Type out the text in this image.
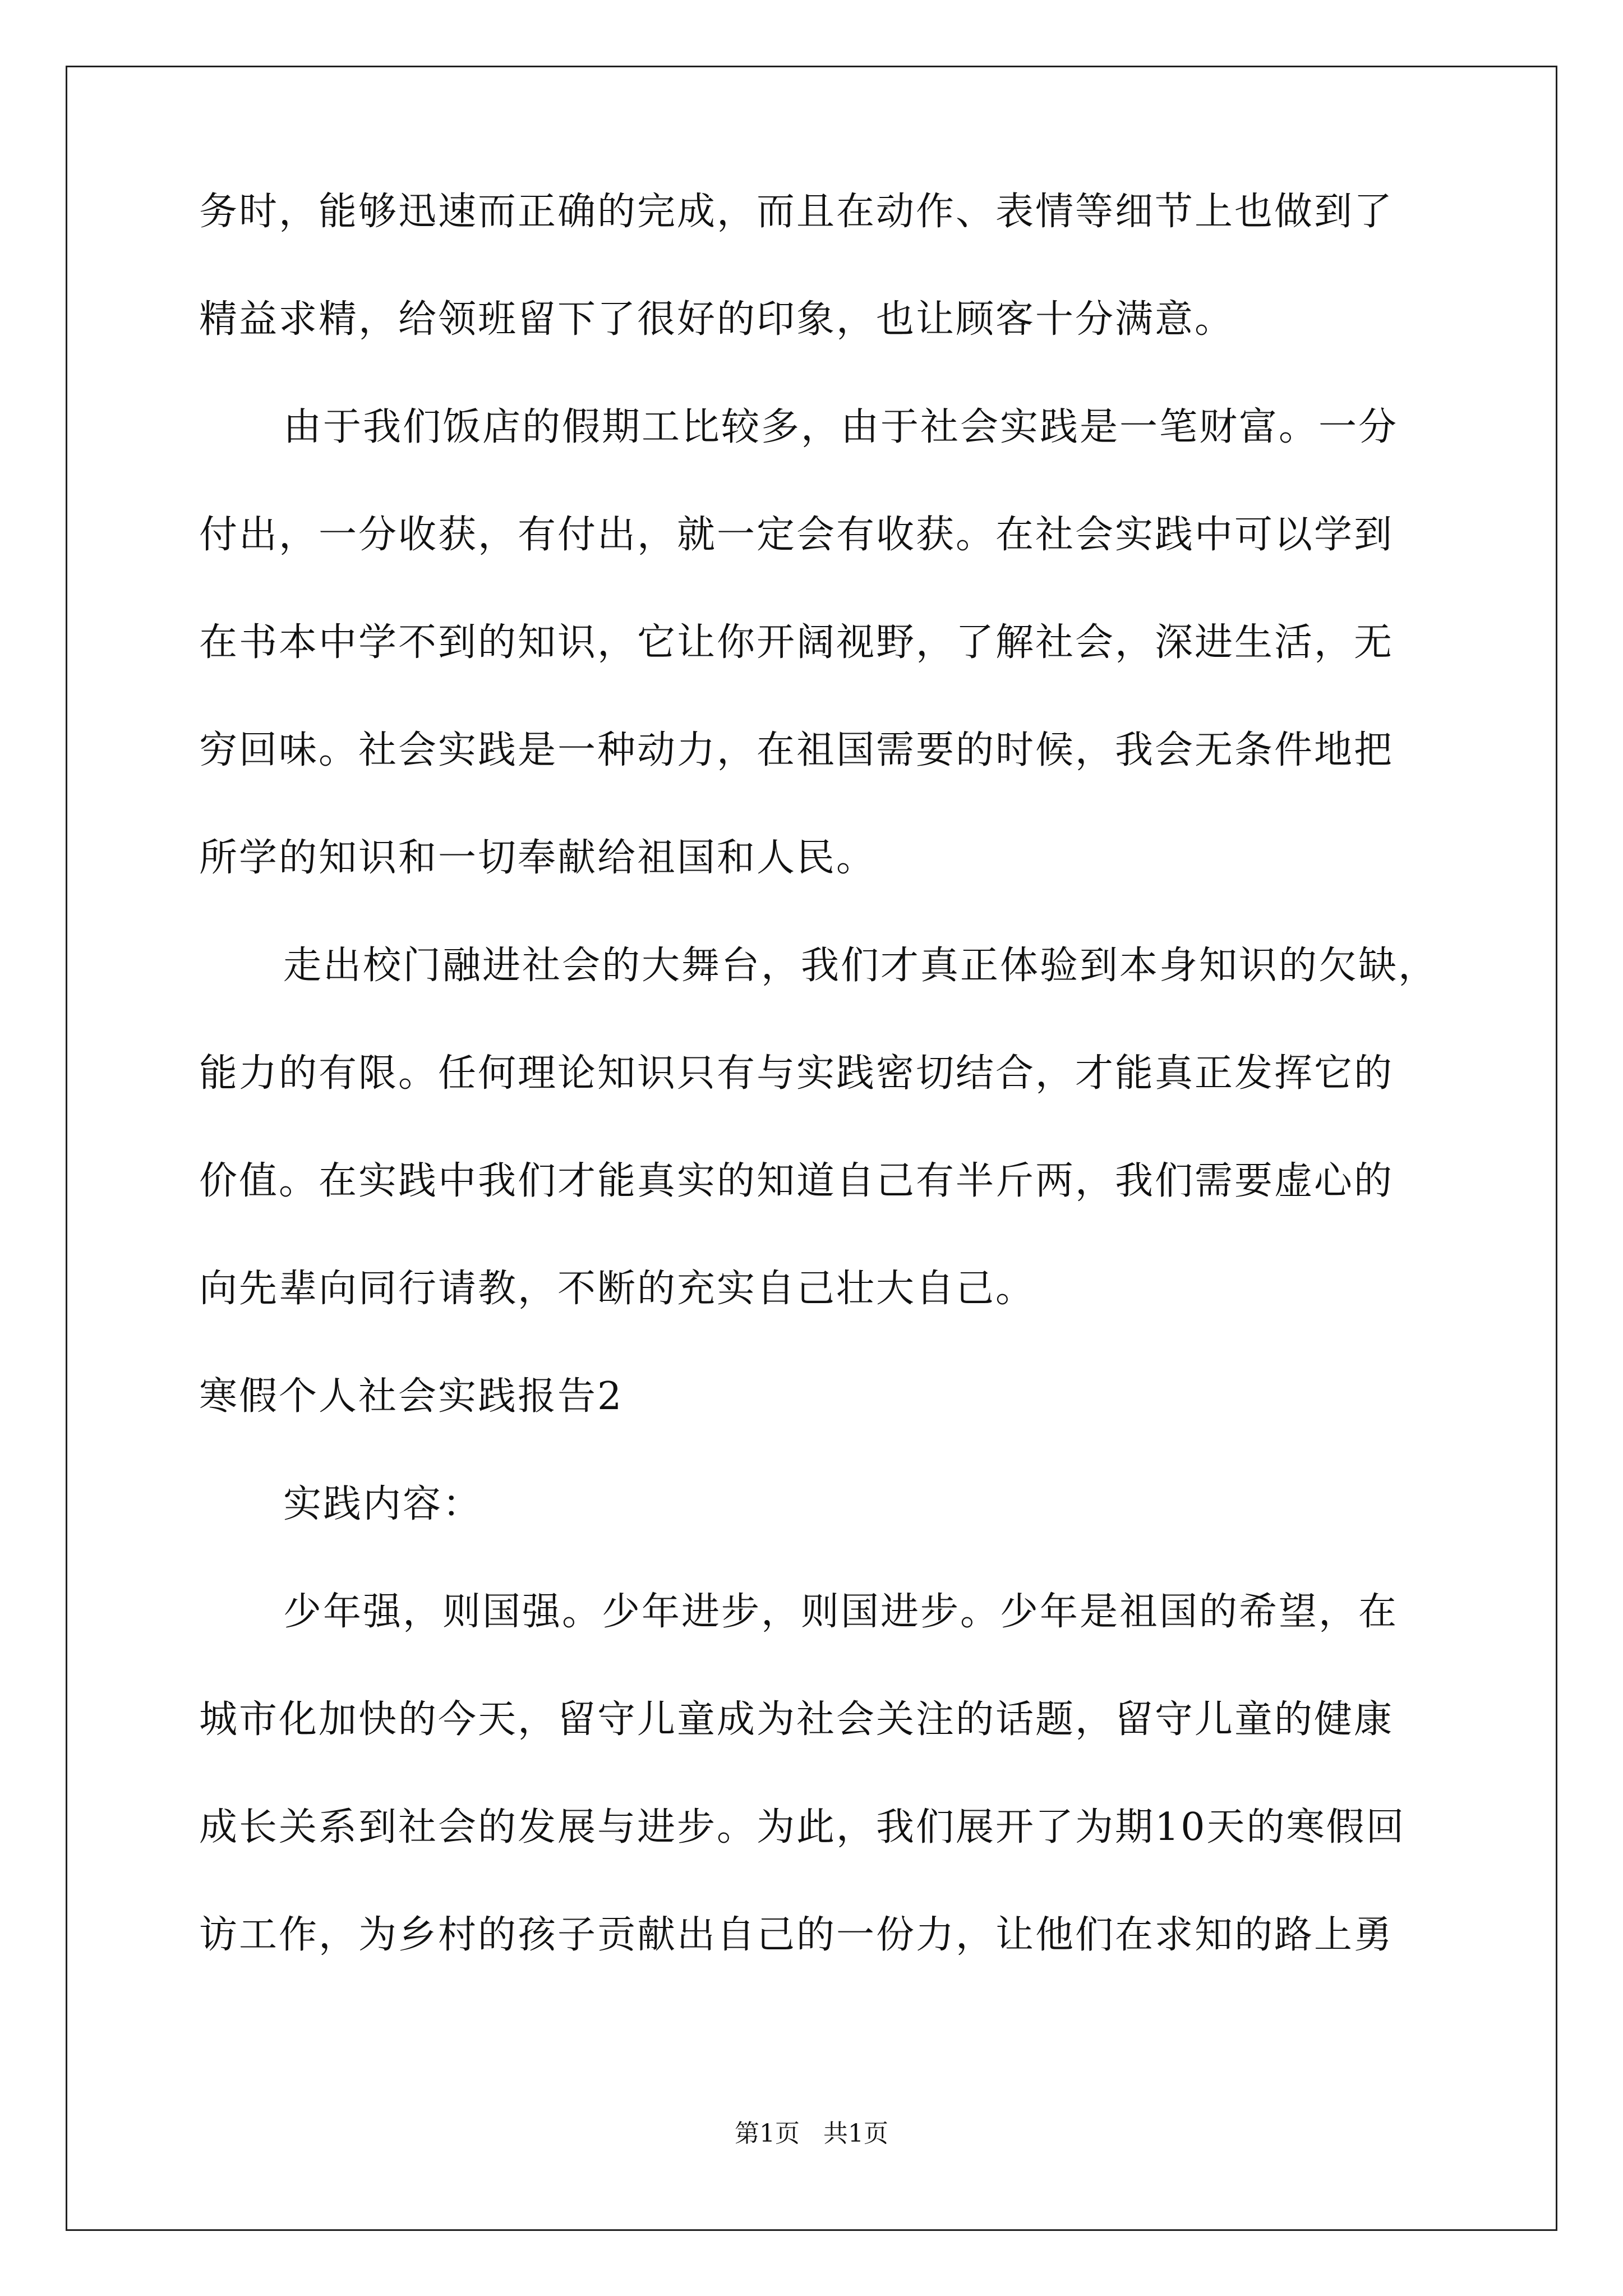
务时，能够迅速而正确的完成，而且在动作、表情等细节上也做到了
精益求精，给领班留下了很好的印象，也让顾客十分满意。
由于我们饭店的假期工比较多，由于社会实践是一笔财富。一分
付出，一分收获，有付出，就一定会有收获。在社会实践中可以学到
在书本中学不到的知识，它让你开阔视野，了解社会，深进生活，无
穷回味。社会实践是一种动力，在祖国需要的时候，我会无条件地把
所学的知识和一切奉献给祖国和人民。
走出校门融进社会的大舞台，我们才真正体验到本身知识的欠缺，
能力的有限。任何理论知识只有与实践密切结合，才能真正发挥它的
价值。在实践中我们才能真实的知道自己有半斤两，我们需要虚心的
向先辈向同行请教，不断的充实自己壮大自己。
寒假个人社会实践报告2
实践内容：
少年强，则国强。少年进步，则国进步。少年是祖国的希望，在
城市化加快的今天，留守儿童成为社会关注的话题，留守儿童的健康
成长关系到社会的发展与进步。为此，我们展开了为期10天的寒假回
访工作，为乡村的孩子贡献出自己的一份力，让他们在求知的路上勇
第1页 共1页
